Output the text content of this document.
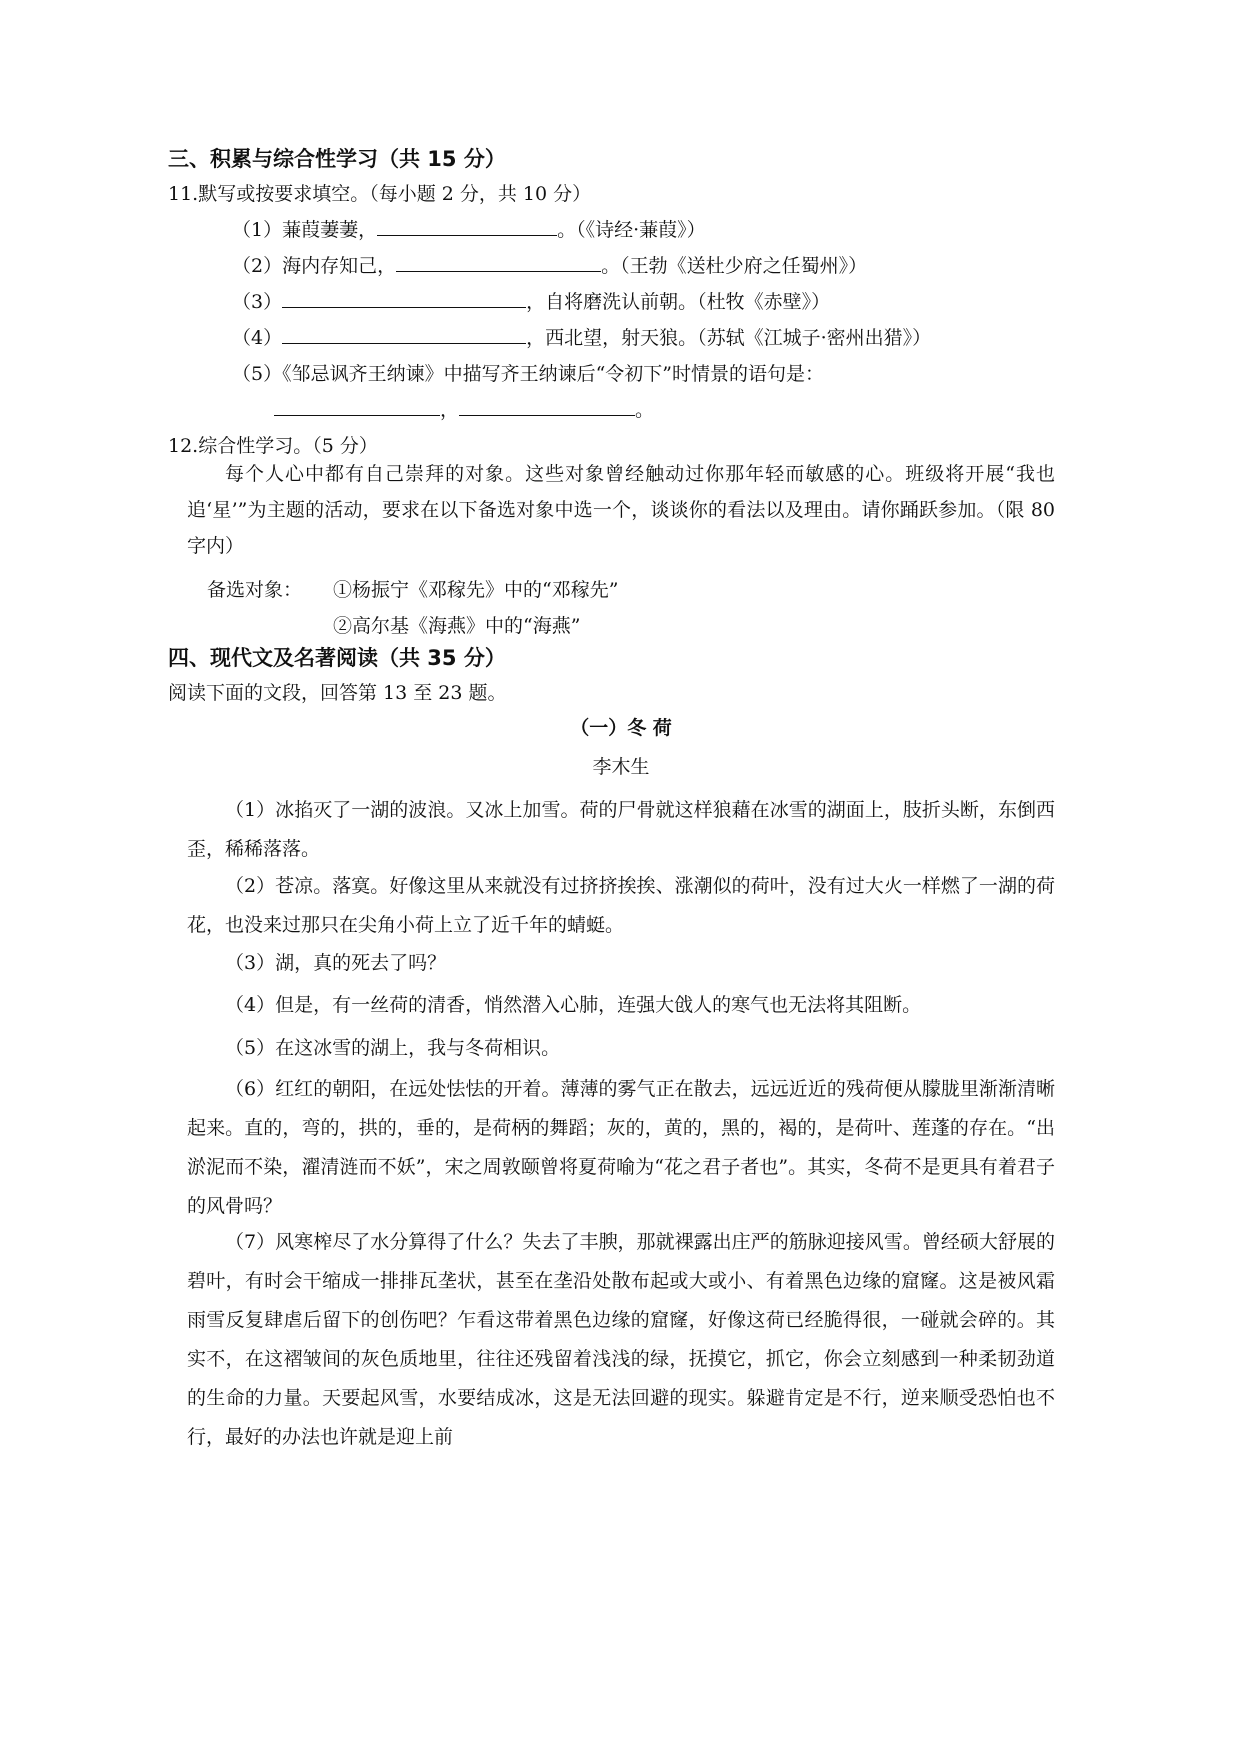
三、积累与综合性学习（共 15 分）
11.默写或按要求填空。（每小题 2 分，共 10 分）
（1）蒹葭萋萋，	。（《诗经·蒹葭》）
（2）海内存知己，	。（王勃《送杜少府之任蜀州》）
（3）	，自将磨洗认前朝。（杜牧《赤壁》）
（4）	，西北望，射天狼。（苏轼《江城子·密州出猎》）
（5）《邹忌讽齐王纳谏》中描写齐王纳谏后“令初下”时情景的语句是：
，	。
12.综合性学习。（5 分）
每个人心中都有自己崇拜的对象。这些对象曾经触动过你那年轻而敏感的心。班级将开展“我也追‘星’”为主题的活动，要求在以下备选对象中选一个，谈谈你的看法以及理由。请你踊跃参加。（限 80 字内）
备选对象： ①杨振宁《邓稼先》中的“邓稼先”
②高尔基《海燕》中的“海燕”
四、现代文及名著阅读（共 35 分）
阅读下面的文段，回答第 13 至 23 题。
（一）冬 荷
李木生
（1）冰掐灭了一湖的波浪。又冰上加雪。荷的尸骨就这样狼藉在冰雪的湖面上，肢折头断，东倒西歪，稀稀落落。
（2）苍凉。落寞。好像这里从来就没有过挤挤挨挨、涨潮似的荷叶，没有过大火一样燃了一湖的荷花，也没来过那只在尖角小荷上立了近千年的蜻蜓。
（3）湖，真的死去了吗？
（4）但是，有一丝荷的清香，悄然潜入心肺，连强大戗人的寒气也无法将其阻断。
（5）在这冰雪的湖上，我与冬荷相识。
（6）红红的朝阳，在远处怯怯的开着。薄薄的雾气正在散去，远远近近的残荷便从朦胧里渐渐清晰起来。直的，弯的，拱的，垂的，是荷柄的舞蹈；灰的，黄的，黑的，褐的，是荷叶、莲蓬的存在。“出淤泥而不染，濯清涟而不妖”，宋之周敦颐曾将夏荷喻为“花之君子者也”。其实，冬荷不是更具有着君子的风骨吗？
（7）风寒榨尽了水分算得了什么？失去了丰腴，那就裸露出庄严的筋脉迎接风雪。曾经硕大舒展的碧叶，有时会干缩成一排排瓦垄状，甚至在垄沿处散布起或大或小、有着黑色边缘的窟窿。这是被风霜雨雪反复肆虐后留下的创伤吧？乍看这带着黑色边缘的窟窿，好像这荷已经脆得很，一碰就会碎的。其实不，在这褶皱间的灰色质地里，往往还残留着浅浅的绿，抚摸它，抓它，你会立刻感到一种柔韧劲道的生命的力量。天要起风雪，水要结成冰，这是无法回避的现实。躲避肯定是不行，逆来顺受恐怕也不行，最好的办法也许就是迎上前
